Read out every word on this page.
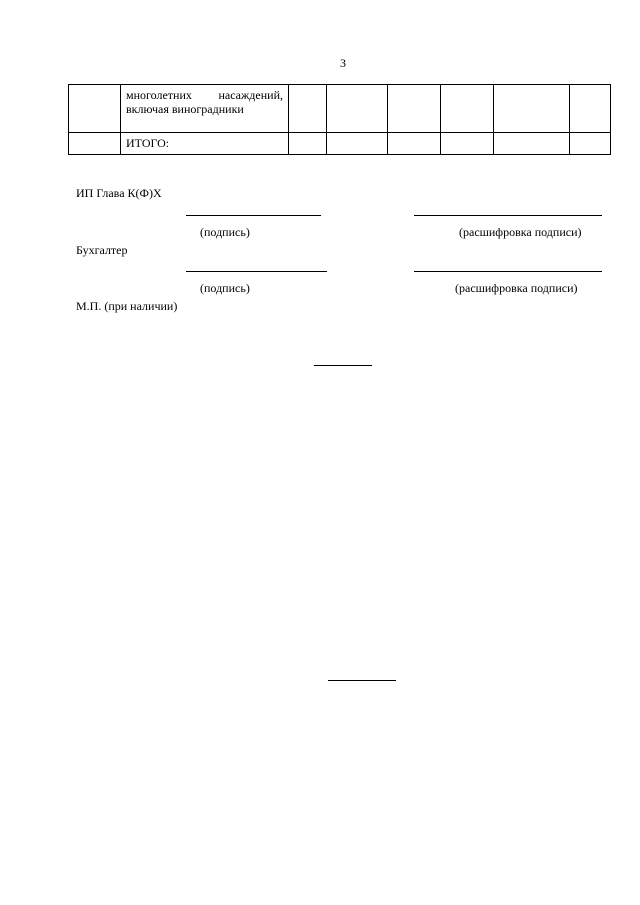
3
	многолетних насаждений, включая виноградники						
	ИТОГО:						
ИП Глава К(Ф)Х
(подпись)	(расшифровка подписи)
Бухгалтер
(подпись)	(расшифровка подписи)
М.П. (при наличии)
